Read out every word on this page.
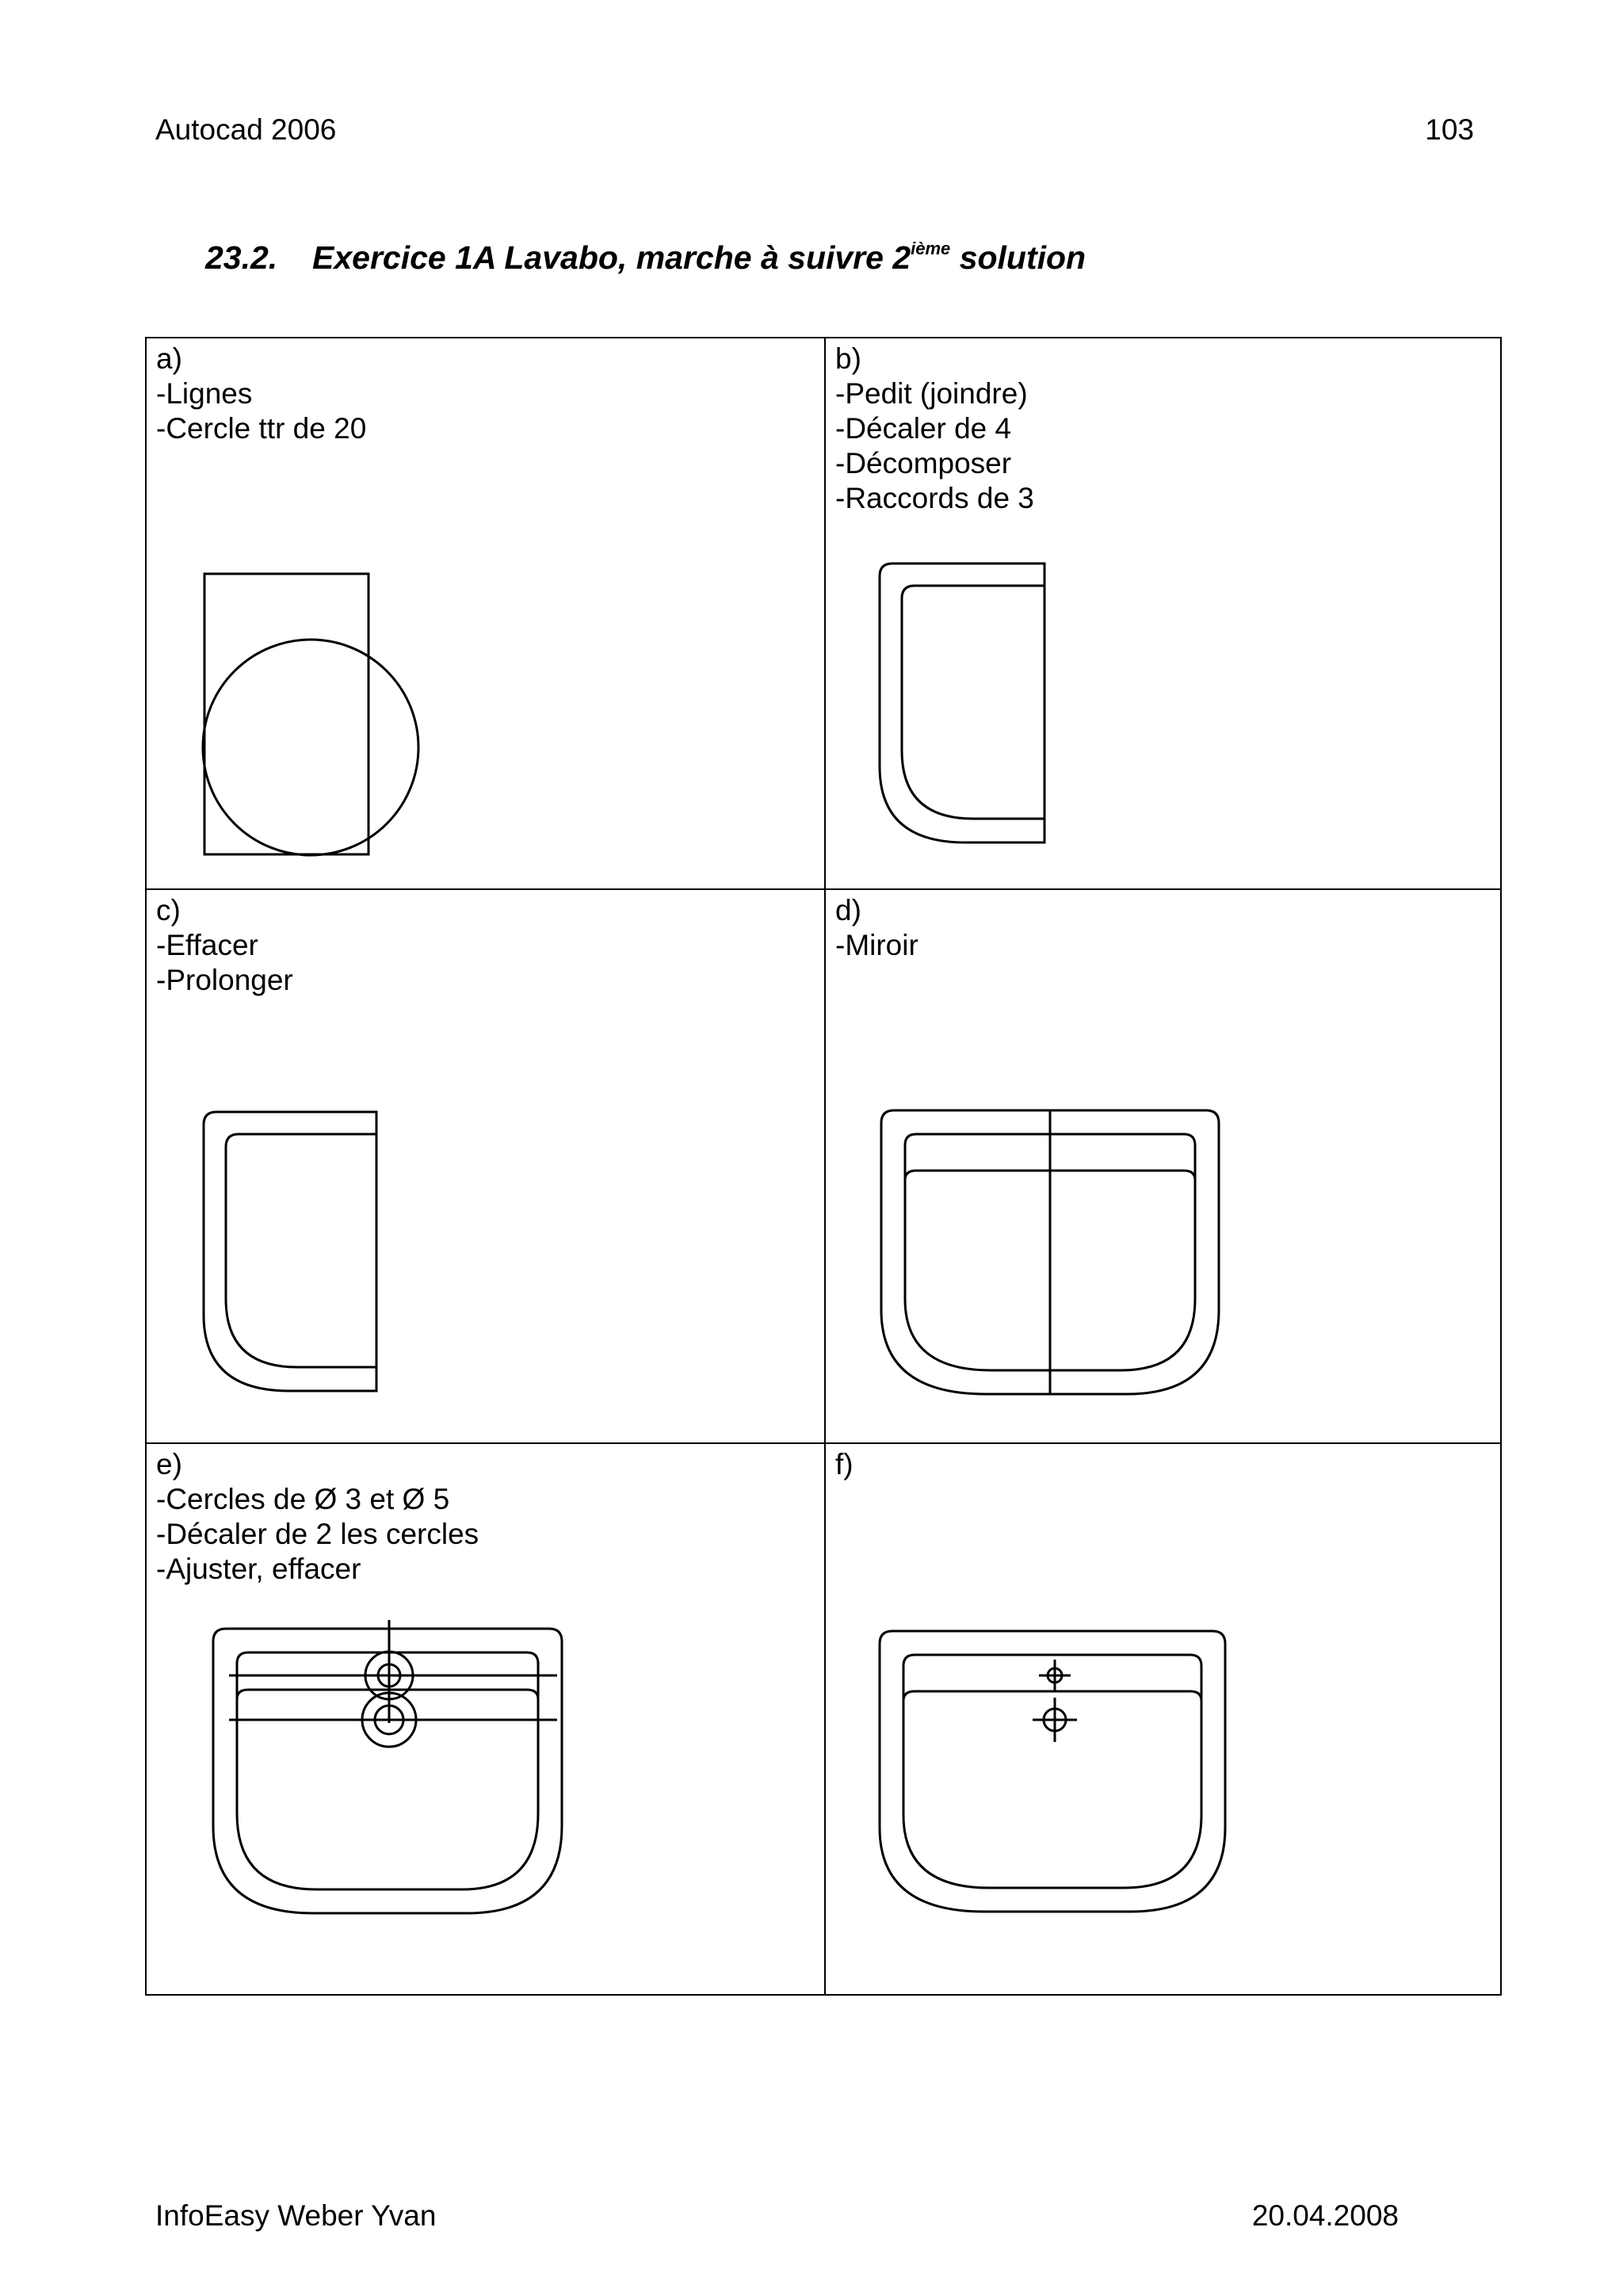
Autocad 2006	103
23.2. Exercice 1A Lavabo, marche à suivre 2ième solution
a)
-Lignes
-Cercle ttr de 20
b)
-Pedit (joindre)
-Décaler de 4
-Décomposer
-Raccords de 3
c)
-Effacer
-Prolonger
d)
-Miroir
e)
-Cercles de Ø 3 et Ø 5
-Décaler de 2 les cercles
-Ajuster, effacer
f)
InfoEasy Weber Yvan	20.04.2008
